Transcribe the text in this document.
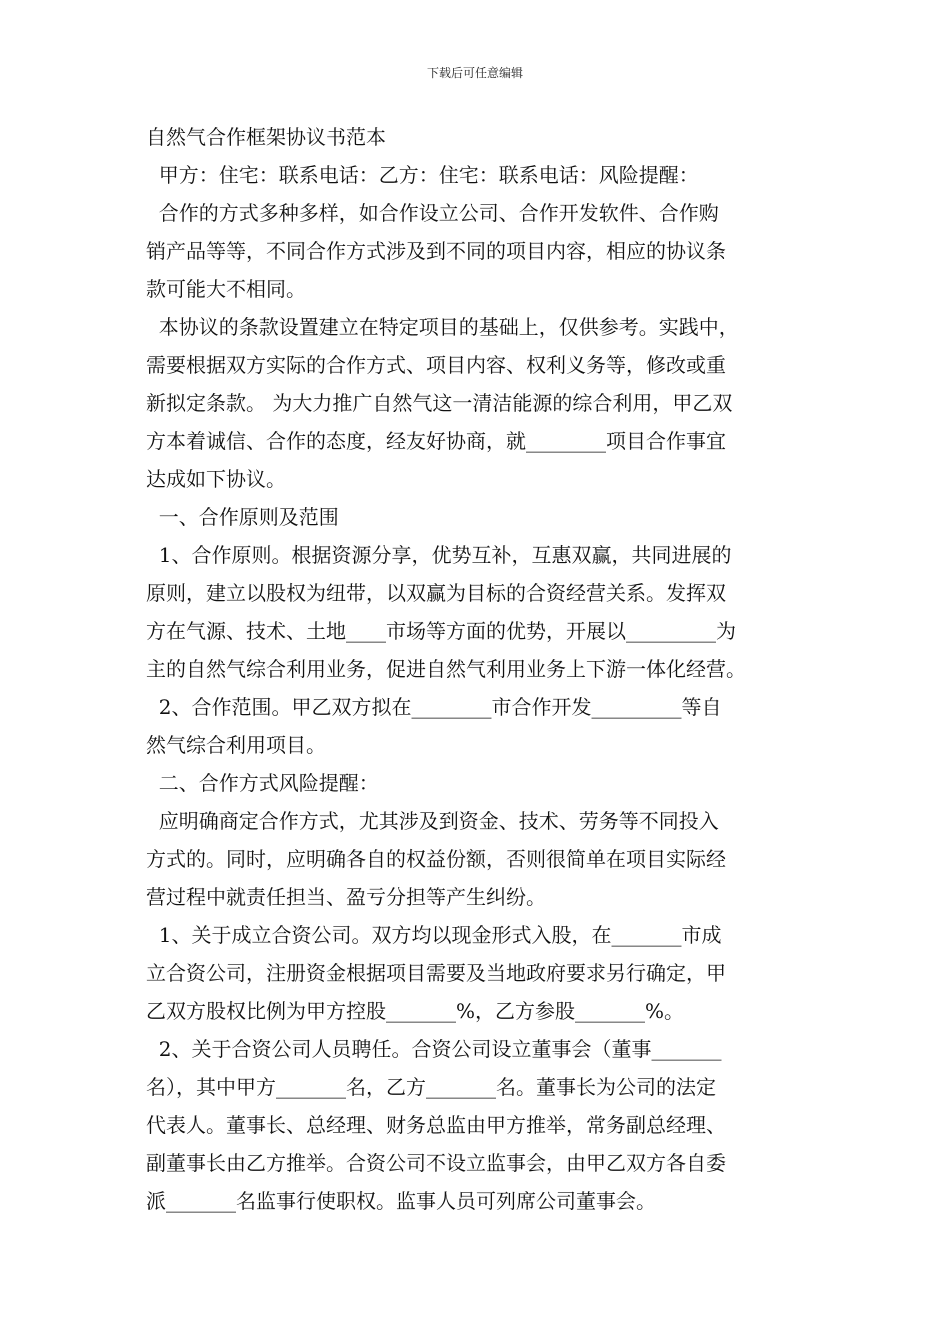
下载后可任意编辑
自然气合作框架协议书范本
甲方：住宅：联系电话：乙方：住宅：联系电话：风险提醒：
合作的方式多种多样，如合作设立公司、合作开发软件、合作购
销产品等等，不同合作方式涉及到不同的项目内容，相应的协议条
款可能大不相同。
本协议的条款设置建立在特定项目的基础上，仅供参考。实践中，
需要根据双方实际的合作方式、项目内容、权利义务等，修改或重
新拟定条款。 为大力推广自然气这一清洁能源的综合利用，甲乙双
方本着诚信、合作的态度，经友好协商，就________项目合作事宜
达成如下协议。
一、合作原则及范围
1、合作原则。根据资源分享，优势互补，互惠双赢，共同进展的
原则，建立以股权为纽带，以双赢为目标的合资经营关系。发挥双
方在气源、技术、土地____市场等方面的优势，开展以_________为
主的自然气综合利用业务，促进自然气利用业务上下游一体化经营。
2、合作范围。甲乙双方拟在________市合作开发_________等自
然气综合利用项目。
二、合作方式风险提醒：
应明确商定合作方式，尤其涉及到资金、技术、劳务等不同投入
方式的。同时，应明确各自的权益份额，否则很简单在项目实际经
营过程中就责任担当、盈亏分担等产生纠纷。
1、关于成立合资公司。双方均以现金形式入股，在_______市成
立合资公司，注册资金根据项目需要及当地政府要求另行确定，甲
乙双方股权比例为甲方控股_______%，乙方参股_______%。
2、关于合资公司人员聘任。合资公司设立董事会（董事_______
名），其中甲方_______名，乙方_______名。董事长为公司的法定
代表人。董事长、总经理、财务总监由甲方推举，常务副总经理、
副董事长由乙方推举。合资公司不设立监事会，由甲乙双方各自委
派_______名监事行使职权。监事人员可列席公司董事会。
